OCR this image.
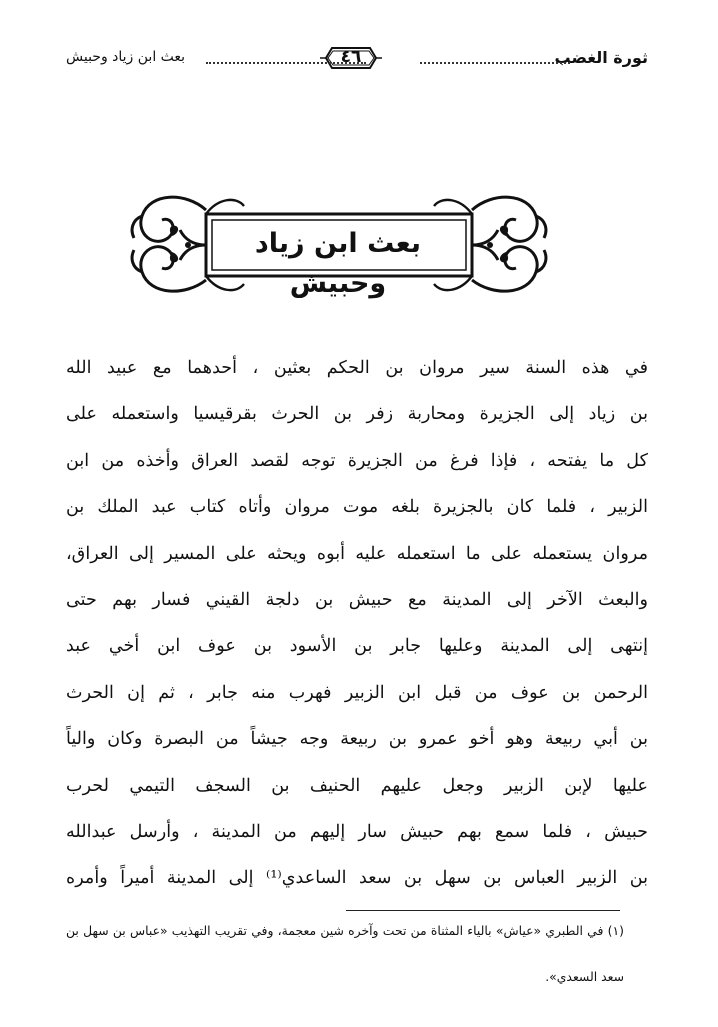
ثورة الغضب
٤٦
بعث ابن زياد وحبيش
بعث ابن زياد وحبيش
في هذه السنة سير مروان بن الحكم بعثين ، أحدهما مع عبيد الله
بن زياد إلى الجزيرة ومحاربة زفر بن الحرث بقرقيسيا واستعمله على
كل ما يفتحه ، فإذا فرغ من الجزيرة توجه لقصد العراق وأخذه من ابن
الزبير ، فلما كان بالجزيرة بلغه موت مروان وأتاه كتاب عبد الملك بن
مروان يستعمله على ما استعمله عليه أبوه ويحثه على المسير إلى العراق،
والبعث الآخر إلى المدينة مع حبيش بن دلجة القيني فسار بهم حتى
إنتهى إلى المدينة وعليها جابر بن الأسود بن عوف ابن أخي عبد
الرحمن بن عوف من قبل ابن الزبير فهرب منه جابر ، ثم إن الحرث
بن أبي ربيعة وهو أخو عمرو بن ربيعة وجه جيشاً من البصرة وكان والياً
عليها لإبن الزبير وجعل عليهم الحنيف بن السجف التيمي لحرب
حبيش ، فلما سمع بهم حبيش سار إليهم من المدينة ، وأرسل عبدالله
بن الزبير العباس بن سهل بن سعد الساعدي⁽¹⁾ إلى المدينة أميراً وأمره
(١) في الطبري «عياش» بالياء المثناة من تحت وآخره شين معجمة، وفي تقريب التهذيب «عباس بن سهل بن
سعد السعدي».
